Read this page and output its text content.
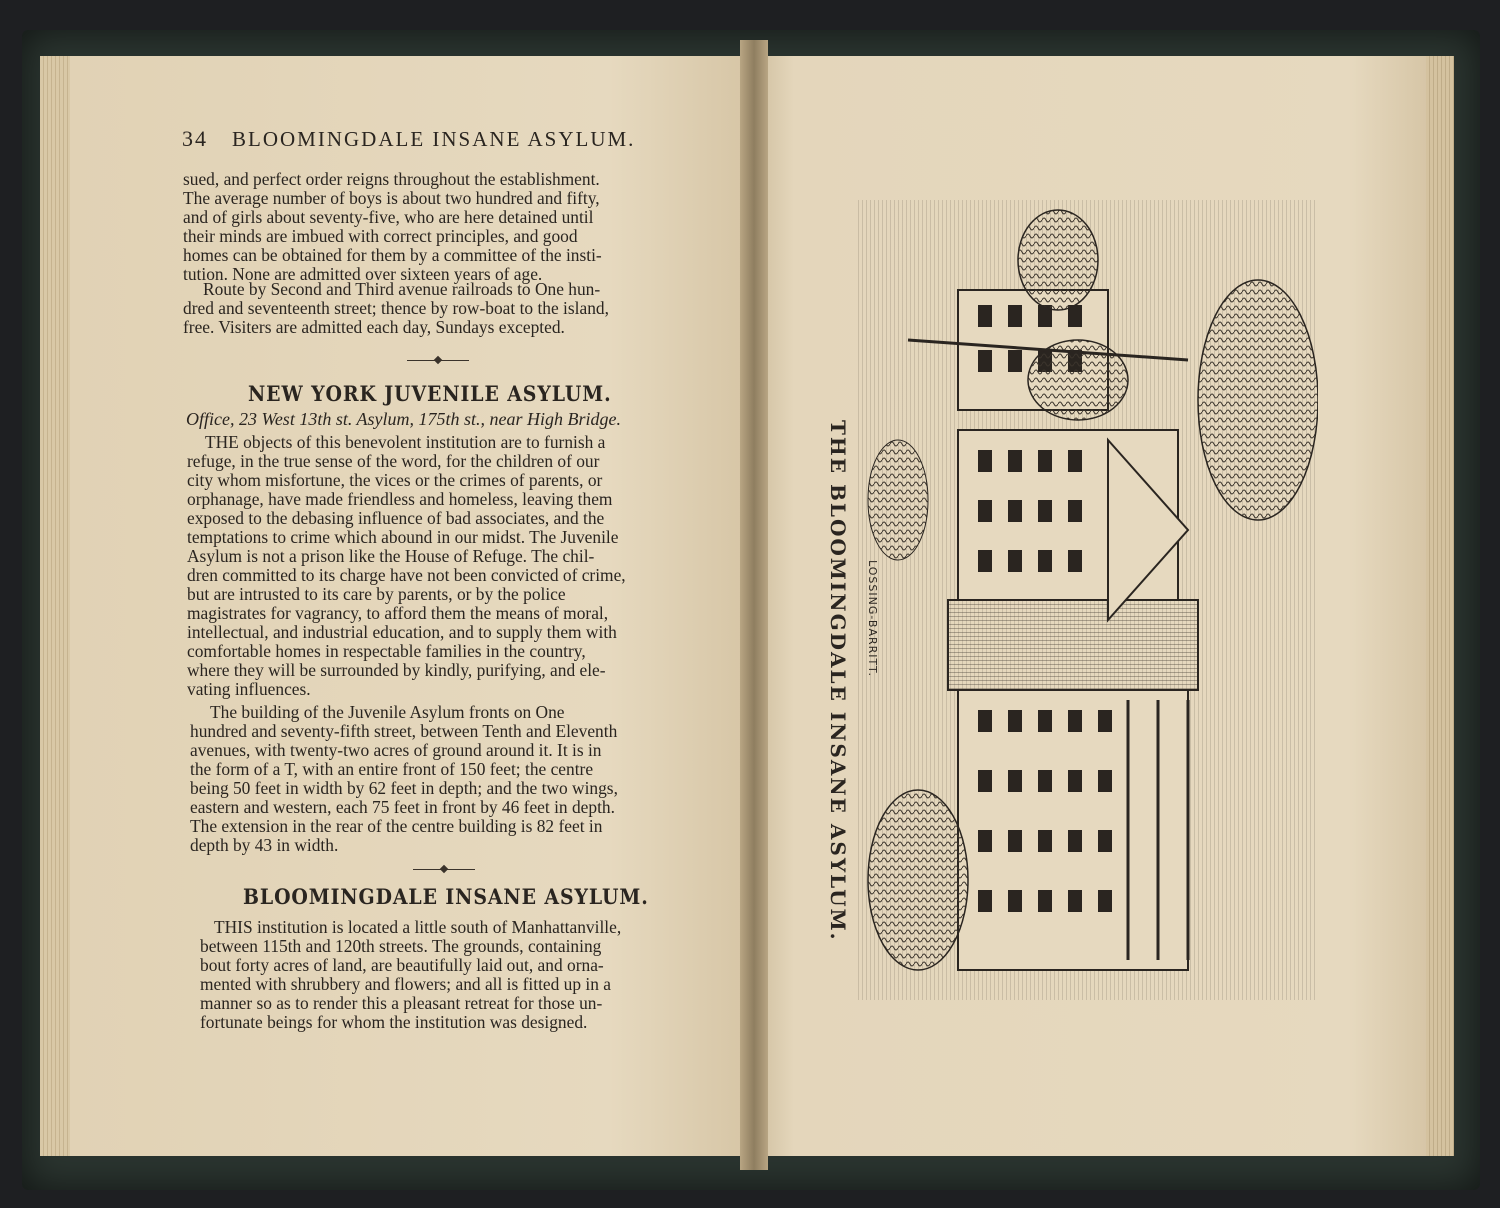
34 BLOOMINGDALE INSANE ASYLUM.
sued, and perfect order reigns throughout the establishment.
The average number of boys is about two hundred and fifty,
and of girls about seventy-five, who are here detained until
their minds are imbued with correct principles, and good
homes can be obtained for them by a committee of the insti-
tution. None are admitted over sixteen years of age.
Route by Second and Third avenue railroads to One hun-
dred and seventeenth street; thence by row-boat to the island,
free. Visiters are admitted each day, Sundays excepted.
NEW YORK JUVENILE ASYLUM.
Office, 23 West 13th st. Asylum, 175th st., near High Bridge.
THE objects of this benevolent institution are to furnish a
refuge, in the true sense of the word, for the children of our
city whom misfortune, the vices or the crimes of parents, or
orphanage, have made friendless and homeless, leaving them
exposed to the debasing influence of bad associates, and the
temptations to crime which abound in our midst. The Juvenile
Asylum is not a prison like the House of Refuge. The chil-
dren committed to its charge have not been convicted of crime,
but are intrusted to its care by parents, or by the police
magistrates for vagrancy, to afford them the means of moral,
intellectual, and industrial education, and to supply them with
comfortable homes in respectable families in the country,
where they will be surrounded by kindly, purifying, and ele-
vating influences.
The building of the Juvenile Asylum fronts on One
hundred and seventy-fifth street, between Tenth and Eleventh
avenues, with twenty-two acres of ground around it. It is in
the form of a T, with an entire front of 150 feet; the centre
being 50 feet in width by 62 feet in depth; and the two wings,
eastern and western, each 75 feet in front by 46 feet in depth.
The extension in the rear of the centre building is 82 feet in
depth by 43 in width.
BLOOMINGDALE INSANE ASYLUM.
THIS institution is located a little south of Manhattanville,
between 115th and 120th streets. The grounds, containing
bout forty acres of land, are beautifully laid out, and orna-
mented with shrubbery and flowers; and all is fitted up in a
manner so as to render this a pleasant retreat for those un-
fortunate beings for whom the institution was designed.
THE BLOOMINGDALE INSANE ASYLUM. LOSSING-BARRITT.
